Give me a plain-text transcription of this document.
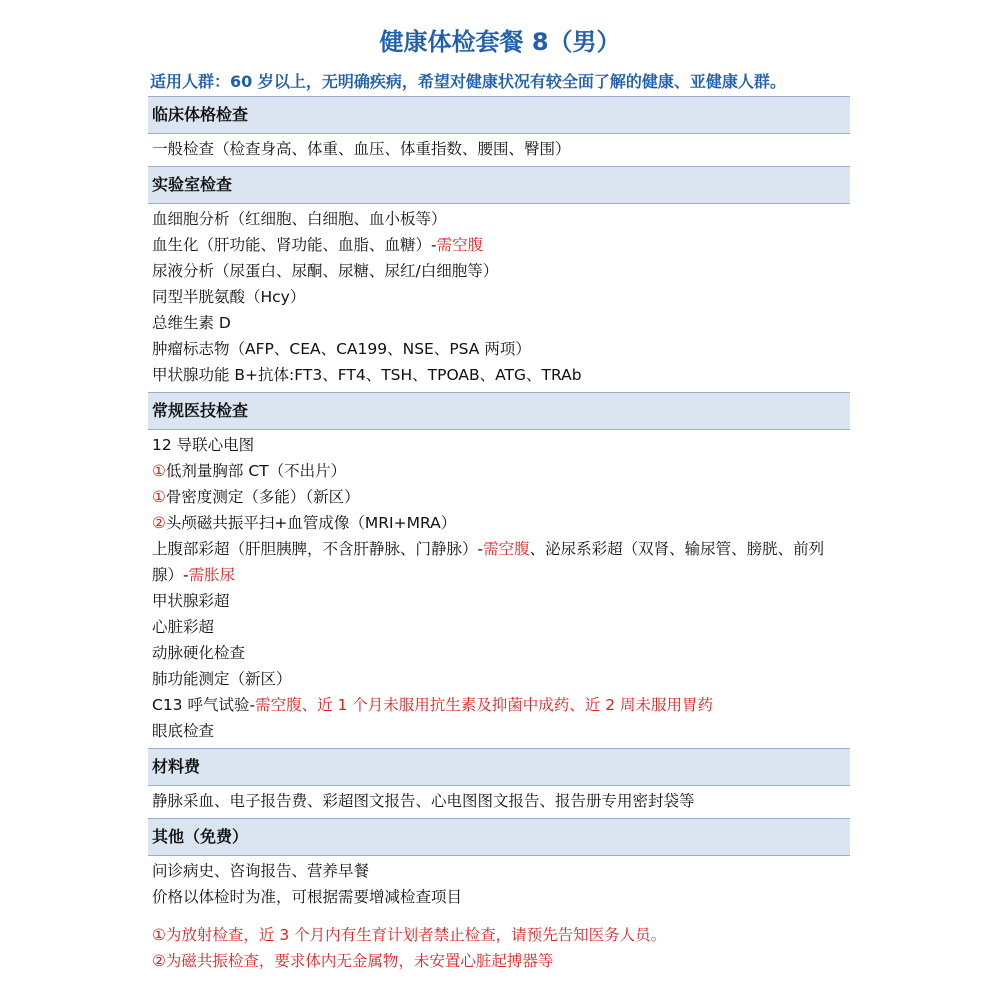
健康体检套餐 8（男）
适用人群：60 岁以上，无明确疾病，希望对健康状况有较全面了解的健康、亚健康人群。
临床体格检查
一般检查（检查身高、体重、血压、体重指数、腰围、臀围）
实验室检查
血细胞分析（红细胞、白细胞、血小板等）
血生化（肝功能、肾功能、血脂、血糖）-需空腹
尿液分析（尿蛋白、尿酮、尿糖、尿红/白细胞等）
同型半胱氨酸（Hcy）
总维生素 D
肿瘤标志物（AFP、CEA、CA199、NSE、PSA 两项）
甲状腺功能 B+抗体:FT3、FT4、TSH、TPOAB、ATG、TRAb
常规医技检查
12 导联心电图
①低剂量胸部 CT（不出片）
①骨密度测定（多能）（新区）
②头颅磁共振平扫+血管成像（MRI+MRA）
上腹部彩超（肝胆胰脾，不含肝静脉、门静脉）-需空腹、泌尿系彩超（双肾、输尿管、膀胱、前列腺）-需胀尿
甲状腺彩超
心脏彩超
动脉硬化检查
肺功能测定（新区）
C13 呼气试验-需空腹、近 1 个月未服用抗生素及抑菌中成药、近 2 周未服用胃药
眼底检查
材料费
静脉采血、电子报告费、彩超图文报告、心电图图文报告、报告册专用密封袋等
其他（免费）
问诊病史、咨询报告、营养早餐
价格以体检时为准，可根据需要增减检查项目
①为放射检查，近 3 个月内有生育计划者禁止检查，请预先告知医务人员。
②为磁共振检查，要求体内无金属物，未安置心脏起搏器等
